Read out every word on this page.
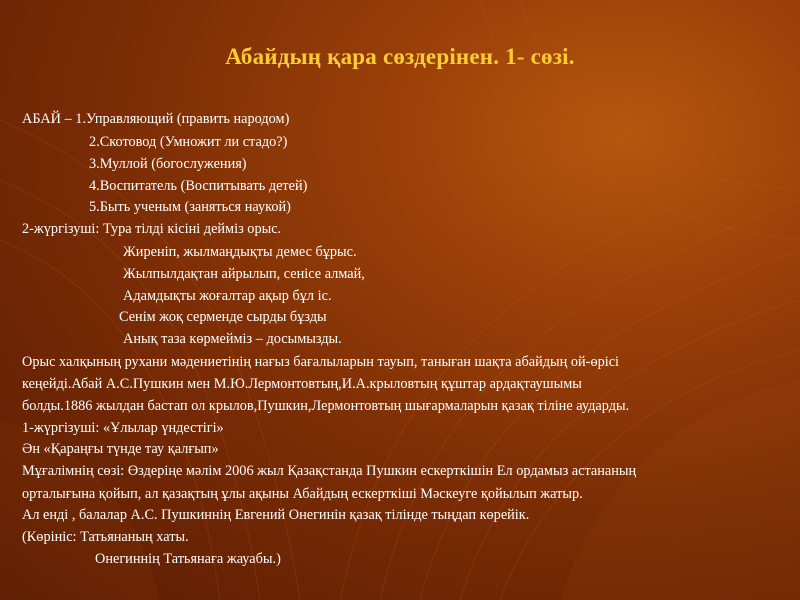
Абайдың қара сөздерінен. 1- сөзі.
АБАЙ – 1.Управляющий (править народом)
2.Скотовод (Умножит ли стадо?)
3.Муллой (богослужения)
4.Воспитатель (Воспитывать детей)
5.Быть ученым (заняться наукой)
2-жүргізуші: Тура тілді кісіні дейміз орыс.
Жиреніп, жылмаңдықты демес бұрыс.
Жылпылдақтан айрылып, сенісе алмай,
Адамдықты жоғалтар ақыр бұл іс.
Сенім жоқ серменде сырды бұзды
Анық таза көрмейміз – досымызды.
Орыс халқының рухани мәдениетінің нағыз бағалыларын тауып, таныған шақта абайдың ой-өрісі
кеңейді.Абай А.С.Пушкин мен М.Ю.Лермонтовтың,И.А.крыловтың құштар ардақтаушымы
болды.1886 жылдан бастап ол крылов,Пушкин,Лермонтовтың шығармаларын қазақ тіліне аударды.
1-жүргізуші: «Ұлылар үндестігі»
Ән «Қараңғы түнде тау қалғып»
Мұғалімнің сөзі: Өздеріңе мәлім 2006 жыл Қазақстанда Пушкин ескерткішін Ел ордамыз астананың
орталығына қойып, ал қазақтың ұлы ақыны Абайдың ескерткіші Мәскеуге қойылып жатыр.
Ал енді , балалар А.С. Пушкиннің Евгений Онегинін қазақ тілінде тыңдап көрейік.
(Көрініс: Татьянаның хаты.
Онегиннің Татьянаға жауабы.)
